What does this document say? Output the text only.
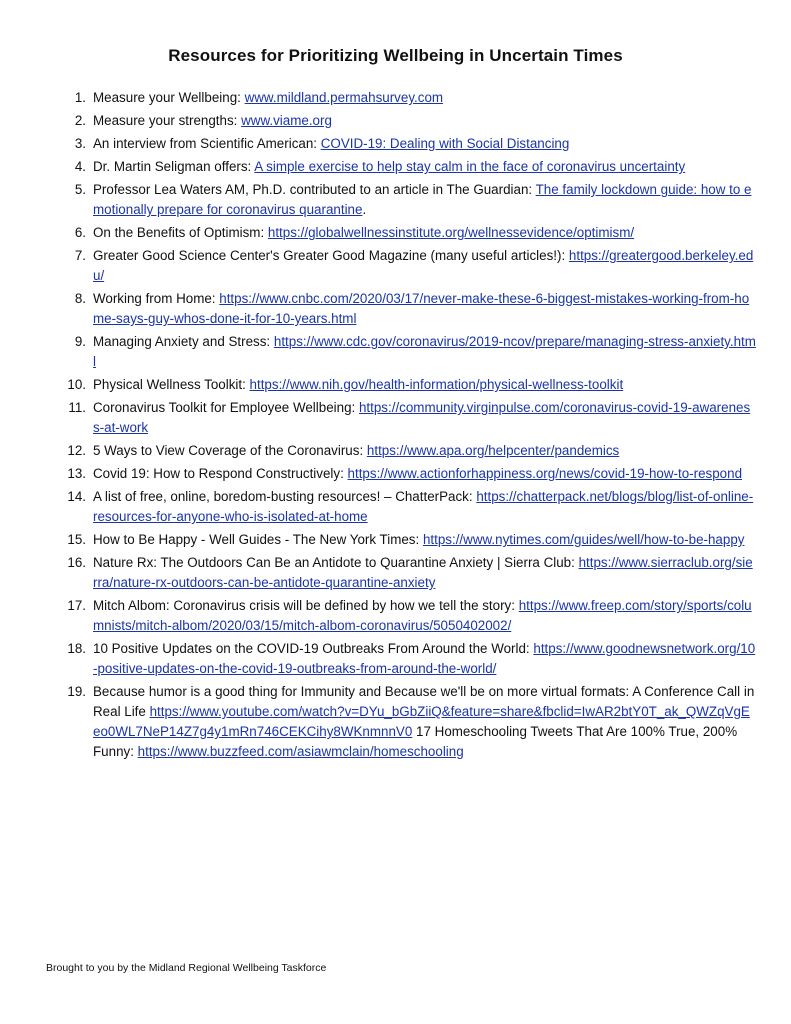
Resources for Prioritizing Wellbeing in Uncertain Times
1. Measure your Wellbeing: www.mildland.permahsurvey.com
2. Measure your strengths: www.viame.org
3. An interview from Scientific American: COVID-19: Dealing with Social Distancing
4. Dr. Martin Seligman offers: A simple exercise to help stay calm in the face of coronavirus uncertainty
5. Professor Lea Waters AM, Ph.D. contributed to an article in The Guardian: The family lockdown guide: how to emotionally prepare for coronavirus quarantine.
6. On the Benefits of Optimism: https://globalwellnessinstitute.org/wellnessevidence/optimism/
7. Greater Good Science Center's Greater Good Magazine (many useful articles!): https://greatergood.berkeley.edu/
8. Working from Home: https://www.cnbc.com/2020/03/17/never-make-these-6-biggest-mistakes-working-from-home-says-guy-whos-done-it-for-10-years.html
9. Managing Anxiety and Stress: https://www.cdc.gov/coronavirus/2019-ncov/prepare/managing-stress-anxiety.html
10. Physical Wellness Toolkit: https://www.nih.gov/health-information/physical-wellness-toolkit
11. Coronavirus Toolkit for Employee Wellbeing: https://community.virginpulse.com/coronavirus-covid-19-awareness-at-work
12. 5 Ways to View Coverage of the Coronavirus: https://www.apa.org/helpcenter/pandemics
13. Covid 19: How to Respond Constructively: https://www.actionforhappiness.org/news/covid-19-how-to-respond
14. A list of free, online, boredom-busting resources! – ChatterPack: https://chatterpack.net/blogs/blog/list-of-online-resources-for-anyone-who-is-isolated-at-home
15. How to Be Happy - Well Guides - The New York Times: https://www.nytimes.com/guides/well/how-to-be-happy
16. Nature Rx: The Outdoors Can Be an Antidote to Quarantine Anxiety | Sierra Club: https://www.sierraclub.org/sierra/nature-rx-outdoors-can-be-antidote-quarantine-anxiety
17. Mitch Albom: Coronavirus crisis will be defined by how we tell the story: https://www.freep.com/story/sports/columnists/mitch-albom/2020/03/15/mitch-albom-coronavirus/5050402002/
18. 10 Positive Updates on the COVID-19 Outbreaks From Around the World: https://www.goodnewsnetwork.org/10-positive-updates-on-the-covid-19-outbreaks-from-around-the-world/
19. Because humor is a good thing for Immunity and Because we'll be on more virtual formats: A Conference Call in Real Life https://www.youtube.com/watch?v=DYu_bGbZiiQ&feature=share&fbclid=IwAR2btY0T_ak_QWZqVgEeo0WL7NeP14Z7g4y1mRn746CEKCihy8WKnmnnV0 17 Homeschooling Tweets That Are 100% True, 200% Funny: https://www.buzzfeed.com/asiawmclain/homeschooling
Brought to you by the Midland Regional Wellbeing Taskforce
